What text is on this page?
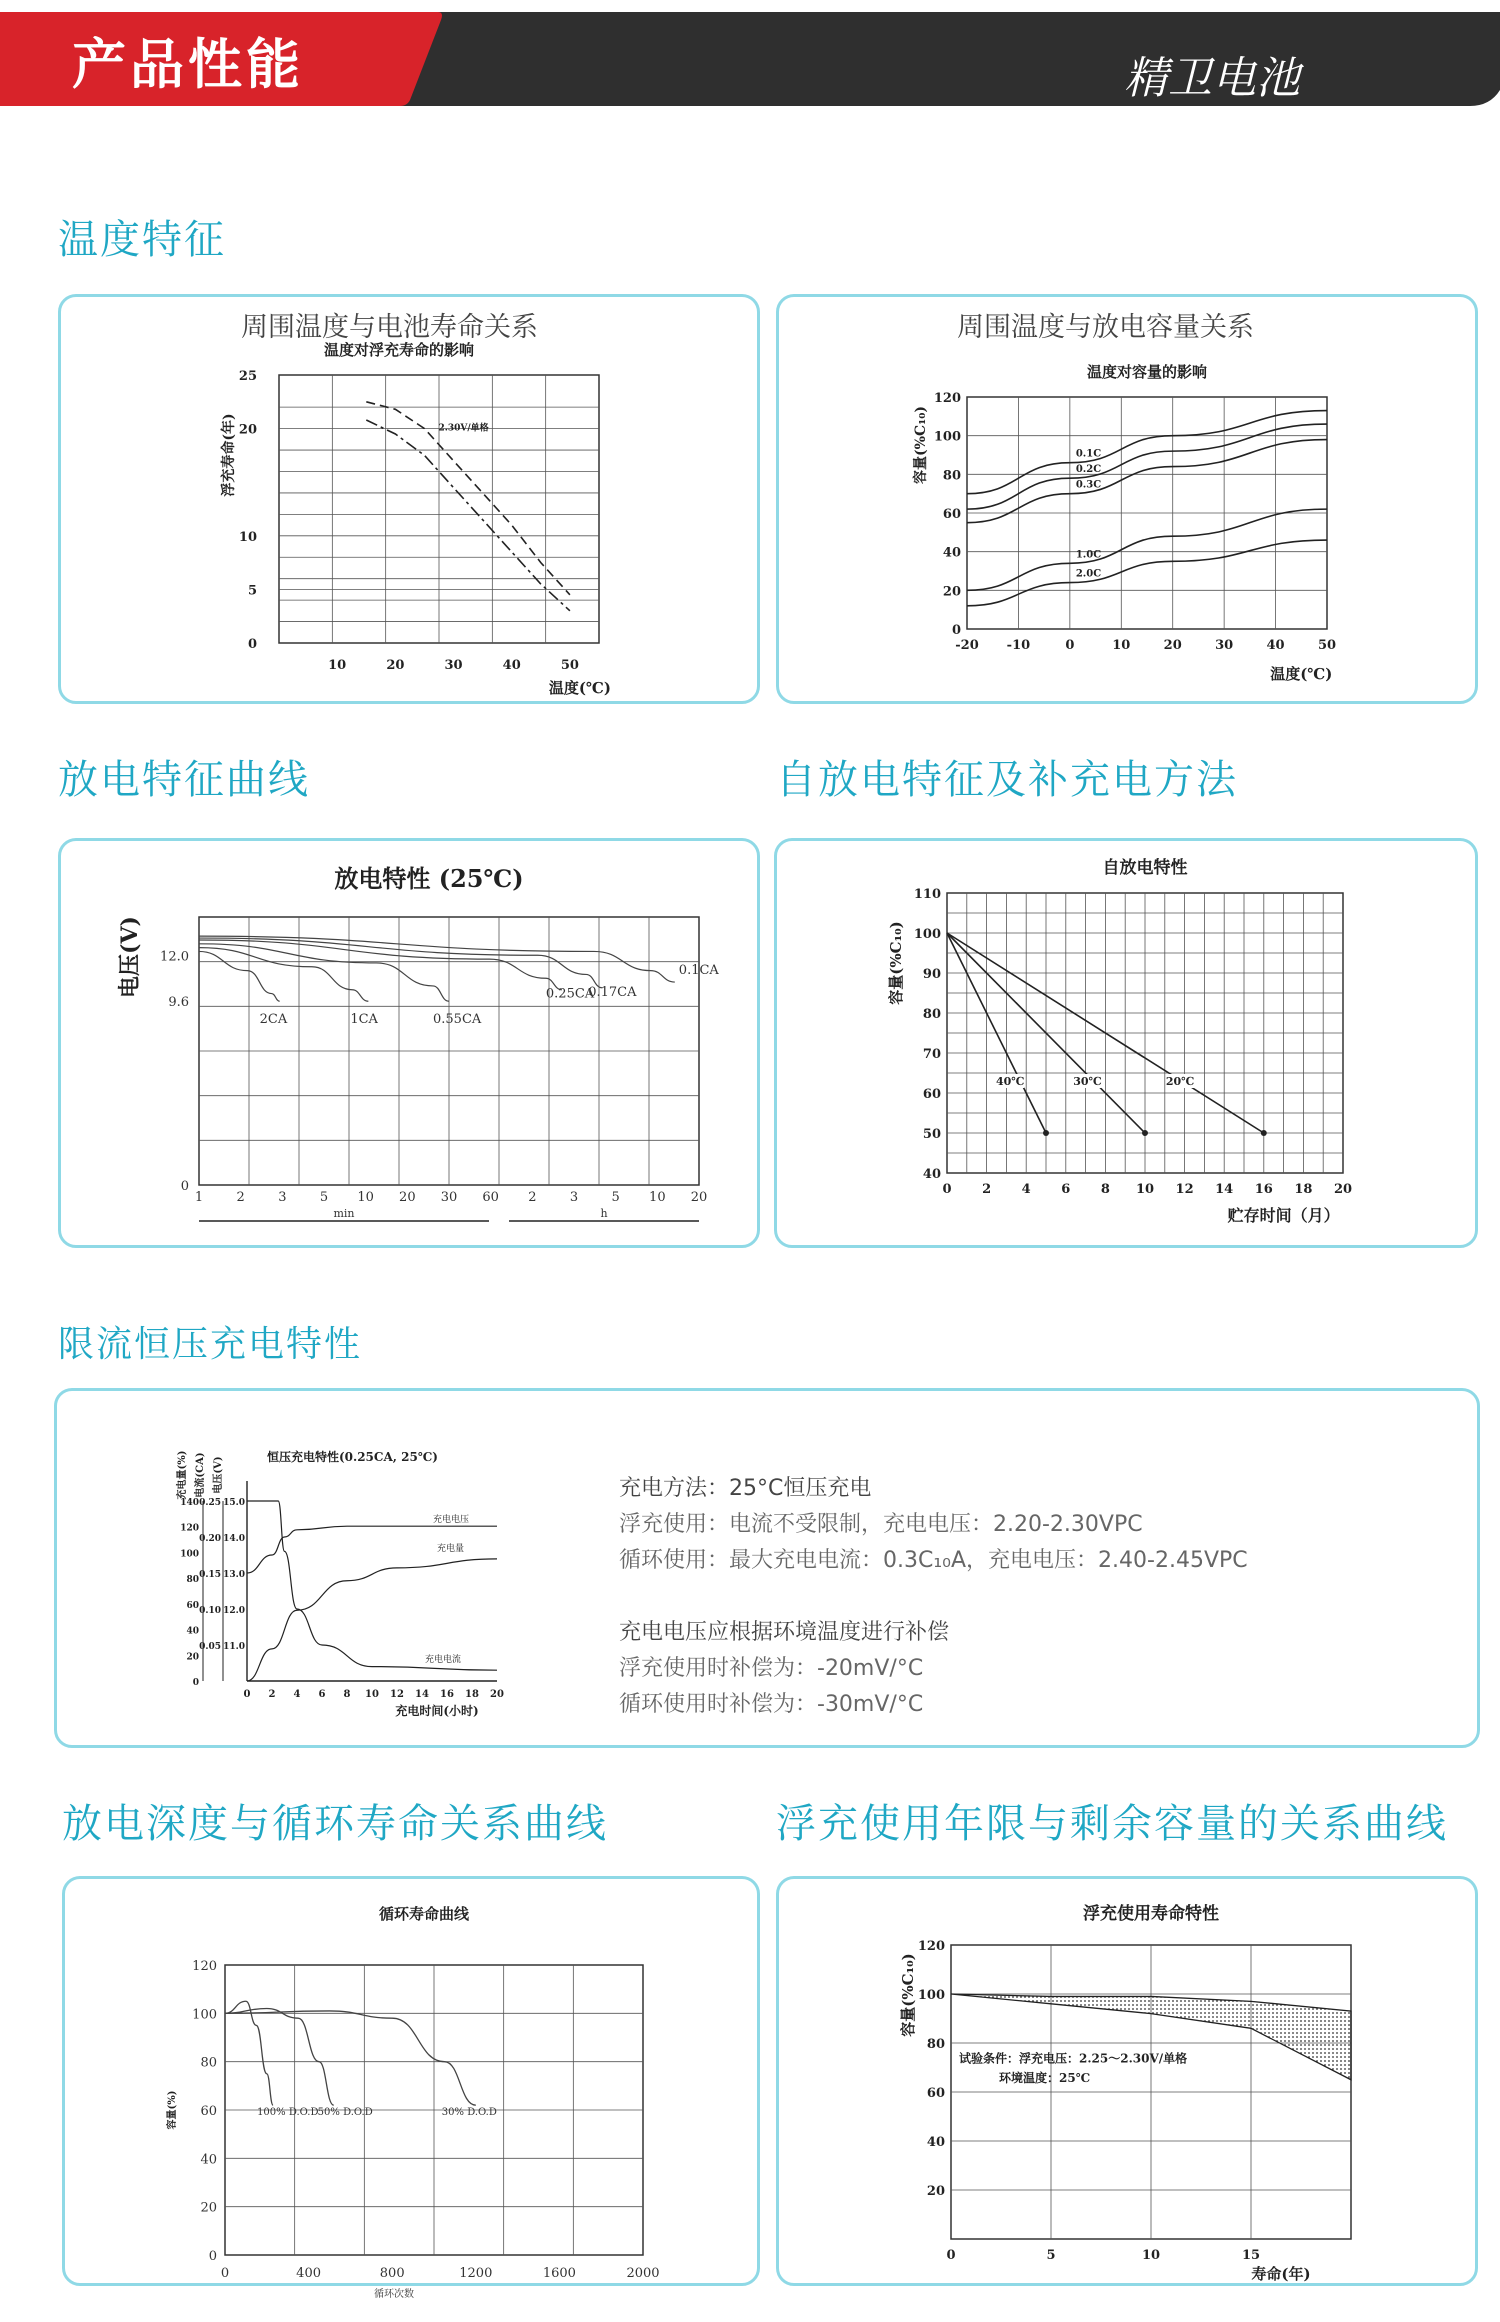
产品性能	精卫电池
温度特征
周围温度与电池寿命关系
温度对浮充寿命的影响
0
5
10
20
25
10	20	30	40	50
温度(℃)
浮充寿命(年)	2.30V/单格
周围温度与放电容量关系
温度对容量的影响
0
20
40
60
80
100
120
-20 -10	0	10	20	30	40	50
温度(℃)
容量(%C₁₀)	0.1C
0.2C
0.3C
1.0C
2.0C
放电特征曲线	自放电特征及补充电方法
放电特性 (25℃)
0
9.6
12.0
1	2	3	5 10 20 30 60 2	3	5 10 20
电压(V)
min	h
2CA	1CA	0.55CA
0.25CA
0.17CA
0.1CA
自放电特性
40
50
60
70
80
90
100
110
0 2 4 6 8 10 12 14 16 18 20
贮存时间（月）
容量(%C₁₀)
40℃	30℃	20℃
限流恒压充电特性
恒压充电特性(0.25CA, 25℃)
0 2 4 6 8 10 12 14 16 18 20
充电时间(小时)
0
20
40
60
80
100
120
140
0.05
0.10
0.15
0.20
0.25
11.0
12.0
13.0
14.0
15.0
充电量(%) 电流(CA) 电压(V)
充电量
充电电压
充电电流
充电方法：25°C恒压充电
浮充使用：电流不受限制，充电电压：2.20-2.30VPC
循环使用：最大充电电流：0.3C₁₀A，充电电压：2.40-2.45VPC
充电电压应根据环境温度进行补偿
浮充使用时补偿为：-20mV/°C
循环使用时补偿为：-30mV/°C
放电深度与循环寿命关系曲线	浮充使用年限与剩余容量的关系曲线
循环寿命曲线
0
20
40
60
80
100
120
0	400	800	1200	1600	2000
循环次数
容量(%)	100% D.O.D 50% D.O.D	30% D.O.D
浮充使用寿命特性
20
40
60
80
100
120
0	5	10	15
寿命(年)
容量(%C₁₀)
试验条件：浮充电压：2.25～2.30V/单格
环境温度：25℃
